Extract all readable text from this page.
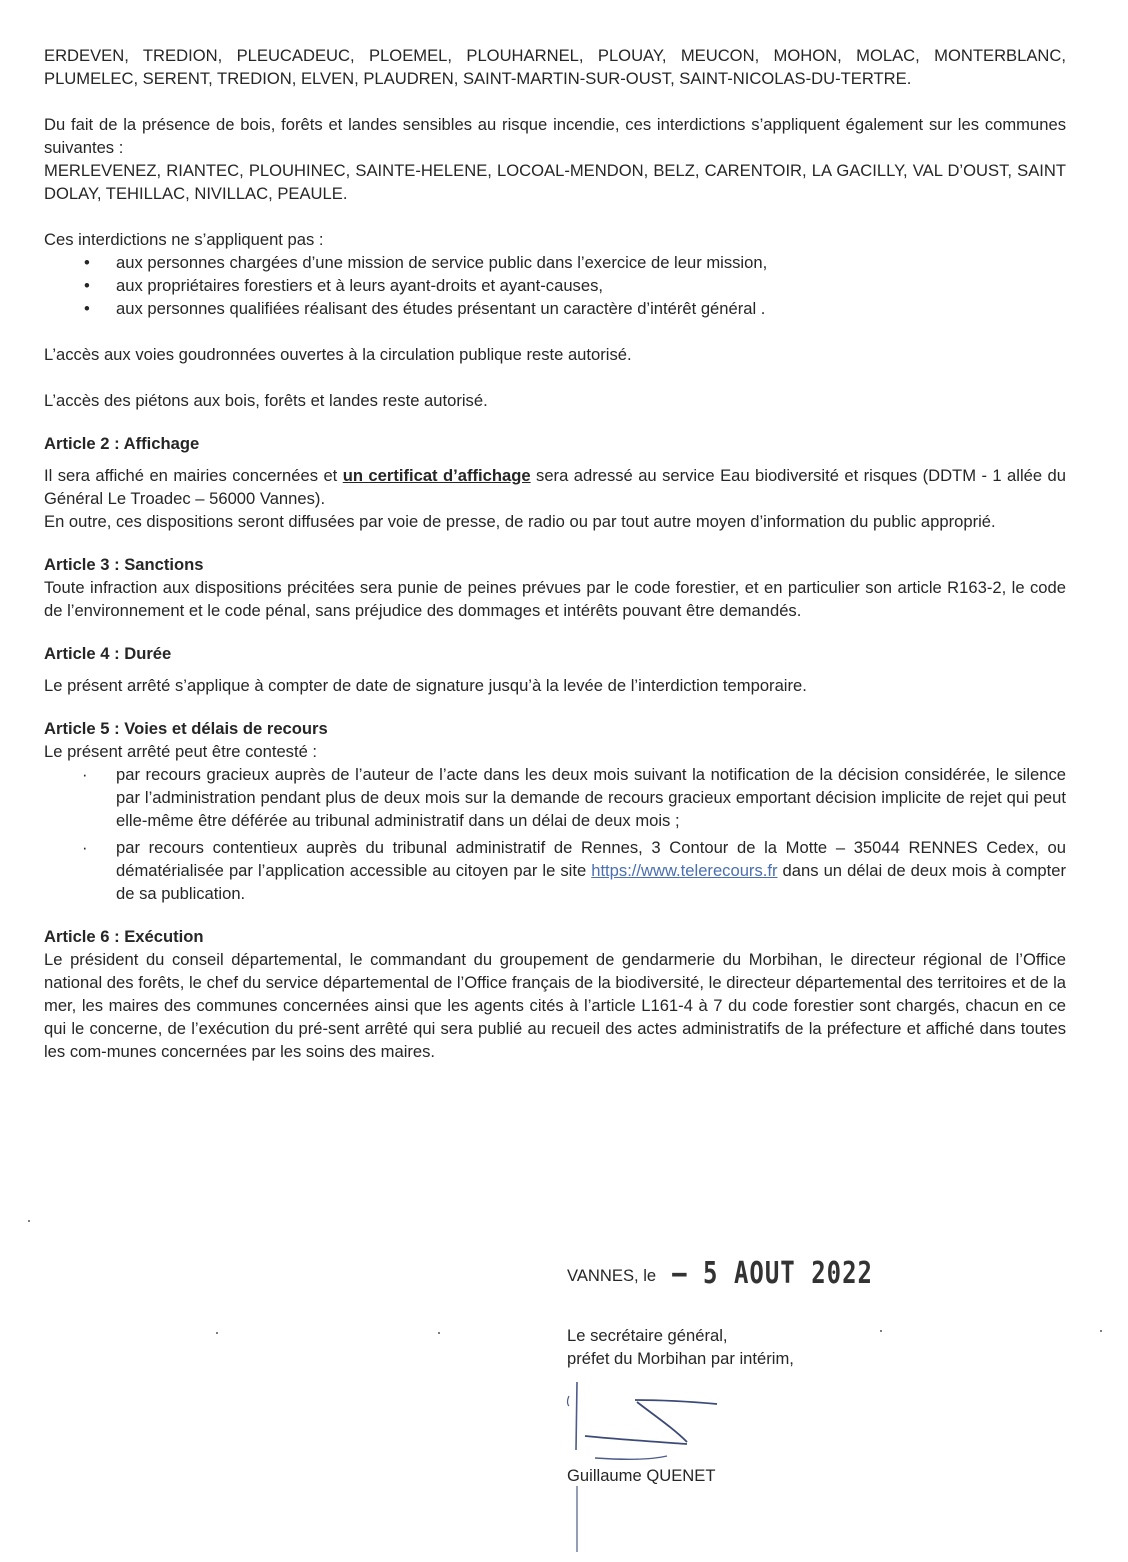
ERDEVEN, TREDION, PLEUCADEUC, PLOEMEL, PLOUHARNEL, PLOUAY, MEUCON, MOHON, MOLAC, MONTERBLANC, PLUMELEC, SERENT, TREDION, ELVEN, PLAUDREN, SAINT-MARTIN-SUR-OUST, SAINT-NICOLAS-DU-TERTRE.

Du fait de la présence de bois, forêts et landes sensibles au risque incendie, ces interdictions s’appliquent également sur les communes suivantes :

MERLEVENEZ, RIANTEC, PLOUHINEC, SAINTE-HELENE, LOCOAL-MENDON, BELZ, CARENTOIR, LA GACILLY, VAL D’OUST, SAINT DOLAY, TEHILLAC, NIVILLAC, PEAULE.

Ces interdictions ne s’appliquent pas :

• aux personnes chargées d’une mission de service public dans l’exercice de leur mission,
• aux propriétaires forestiers et à leurs ayant-droits et ayant-causes,
• aux personnes qualifiées réalisant des études présentant un caractère d’intérêt général .

L’accès aux voies goudronnées ouvertes à la circulation publique reste autorisé.

L’accès des piétons aux bois, forêts et landes reste autorisé.

Article 2 : Affichage

Il sera affiché en mairies concernées et un certificat d’affichage sera adressé au service Eau biodiversité et risques (DDTM - 1 allée du Général Le Troadec – 56000 Vannes).

En outre, ces dispositions seront diffusées par voie de presse, de radio ou par tout autre moyen d’information du public approprié.

Article 3 : Sanctions

Toute infraction aux dispositions précitées sera punie de peines prévues par le code forestier, et en particulier son article R163-2, le code de l’environnement et le code pénal, sans préjudice des dommages et intérêts pouvant être demandés.

Article 4 : Durée

Le présent arrêté s’applique à compter de date de signature jusqu’à la levée de l’interdiction temporaire.

Article 5 : Voies et délais de recours

Le présent arrêté peut être contesté :

· par recours gracieux auprès de l’auteur de l’acte dans les deux mois suivant la notification de la décision considérée, le silence par l’administration pendant plus de deux mois sur la demande de recours gracieux emportant décision implicite de rejet qui peut elle-même être déférée au tribunal administratif dans un délai de deux mois ;
· par recours contentieux auprès du tribunal administratif de Rennes, 3 Contour de la Motte – 35044 RENNES Cedex, ou dématérialisée par l’application accessible au citoyen par le site https://www.telerecours.fr dans un délai de deux mois à compter de sa publication.

Article 6 : Exécution

Le président du conseil départemental, le commandant du groupement de gendarmerie du Morbihan, le directeur régional de l’Office national des forêts, le chef du service départemental de l’Office français de la biodiversité, le directeur départemental des territoires et de la mer, les maires des communes concernées ainsi que les agents cités à l’article L161-4 à 7 du code forestier sont chargés, chacun en ce qui le concerne, de l’exécution du pré-sent arrêté qui sera publié au recueil des actes administratifs de la préfecture et affiché dans toutes les com-munes concernées par les soins des maires.

VANNES, le – 5 AOUT 2022

Le secrétaire général,

préfet du Morbihan par intérim,

Guillaume QUENET
